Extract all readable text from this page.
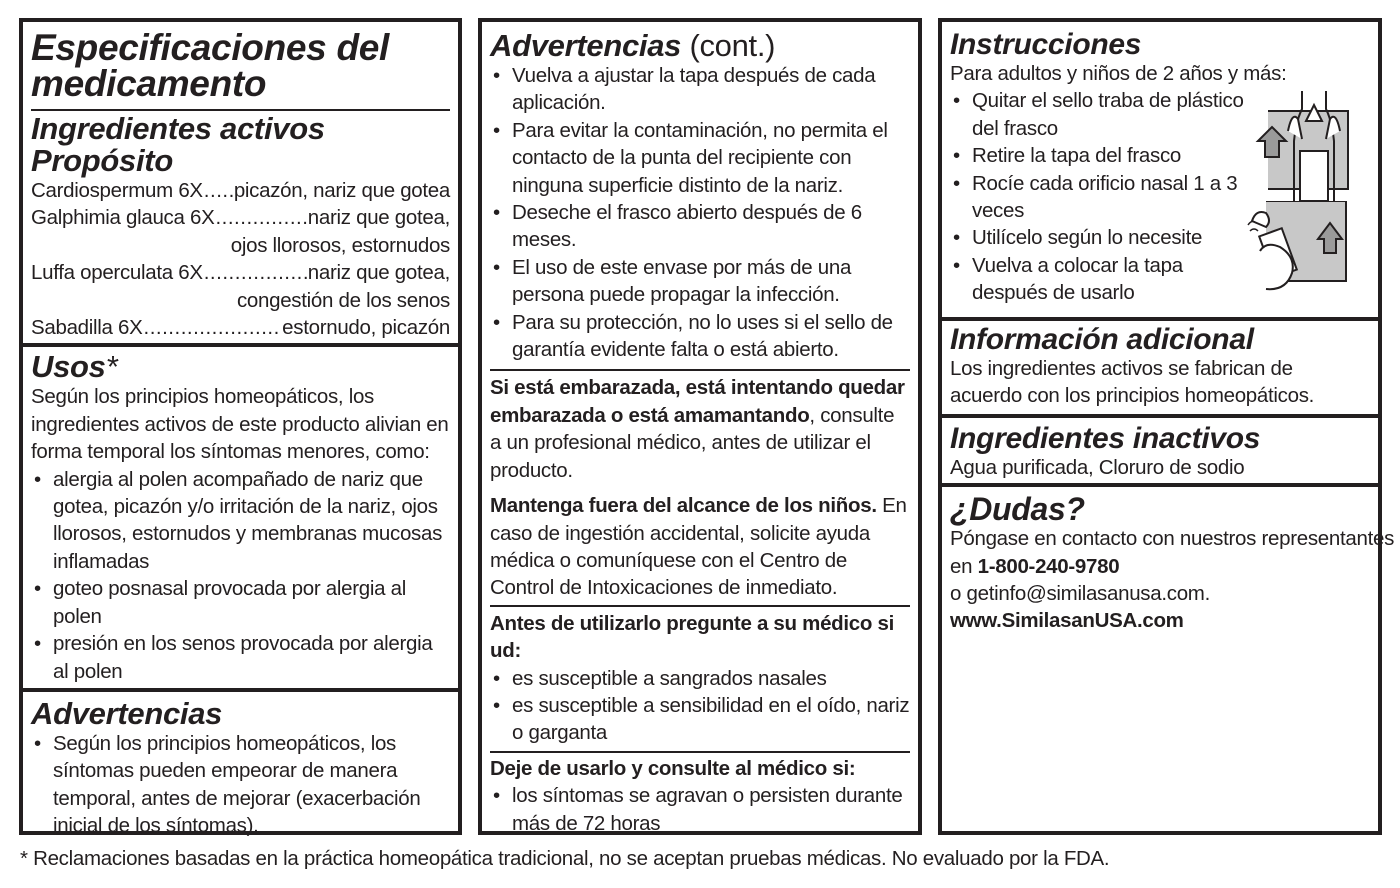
Especificaciones del
medicamento
Ingredientes activos Propósito
Cardiospermum 6X ..... picazón, nariz que gotea
Galphimia glauca 6X .....	nariz que gotea,
ojos llorosos, estornudos
Luffa operculata 6X .....	nariz que gotea,
congestión de los senos
Sabadilla 6X .....	estornudo, picazón
Usos*
Según los principios homeopáticos, los ingredientes activos de este producto alivian en forma temporal los síntomas menores, como:
• alergia al polen acompañado de nariz que gotea, picazón y/o irritación de la nariz, ojos llorosos, estornudos y membranas mucosas inflamadas
• goteo posnasal provocada por alergia al polen
• presión en los senos provocada por alergia al polen
Advertencias
• Según los principios homeopáticos, los síntomas pueden empeorar de manera temporal, antes de mejorar (exacerbación inicial de los síntomas).
Advertencias (cont.)
• Vuelva a ajustar la tapa después de cada aplicación.
• Para evitar la contaminación, no permita el contacto de la punta del recipiente con ninguna superficie distinto de la nariz.
• Deseche el frasco abierto después de 6 meses.
• El uso de este envase por más de una persona puede propagar la infección.
• Para su protección, no lo uses si el sello de garantía evidente falta o está abierto.
Si está embarazada, está intentando quedar embarazada o está amamantando, consulte a un profesional médico, antes de utilizar el producto.
Mantenga fuera del alcance de los niños. En caso de ingestión accidental, solicite ayuda médica o comuníquese con el Centro de Control de Intoxicaciones de inmediato.
Antes de utilizarlo pregunte a su médico si ud:
• es susceptible a sangrados nasales
• es susceptible a sensibilidad en el oído, nariz o garganta
Deje de usarlo y consulte al médico si:
• los síntomas se agravan o persisten durante más de 72 horas
Instrucciones
Para adultos y niños de 2 años y más:
• Quitar el sello traba de plástico del frasco
• Retire la tapa del frasco
• Rocíe cada orificio nasal 1 a 3 veces
• Utilícelo según lo necesite
• Vuelva a colocar la tapa después de usarlo
Información adicional
Los ingredientes activos se fabrican de acuerdo con los principios homeopáticos.
Ingredientes inactivos
Agua purificada, Cloruro de sodio
¿Dudas?
Póngase en contacto con nuestros representantes
en 1-800-240-9780
o getinfo@similasanusa.com.
www.SimilasanUSA.com
* Reclamaciones basadas en la práctica homeopática tradicional, no se aceptan pruebas médicas. No evaluado por la FDA.
